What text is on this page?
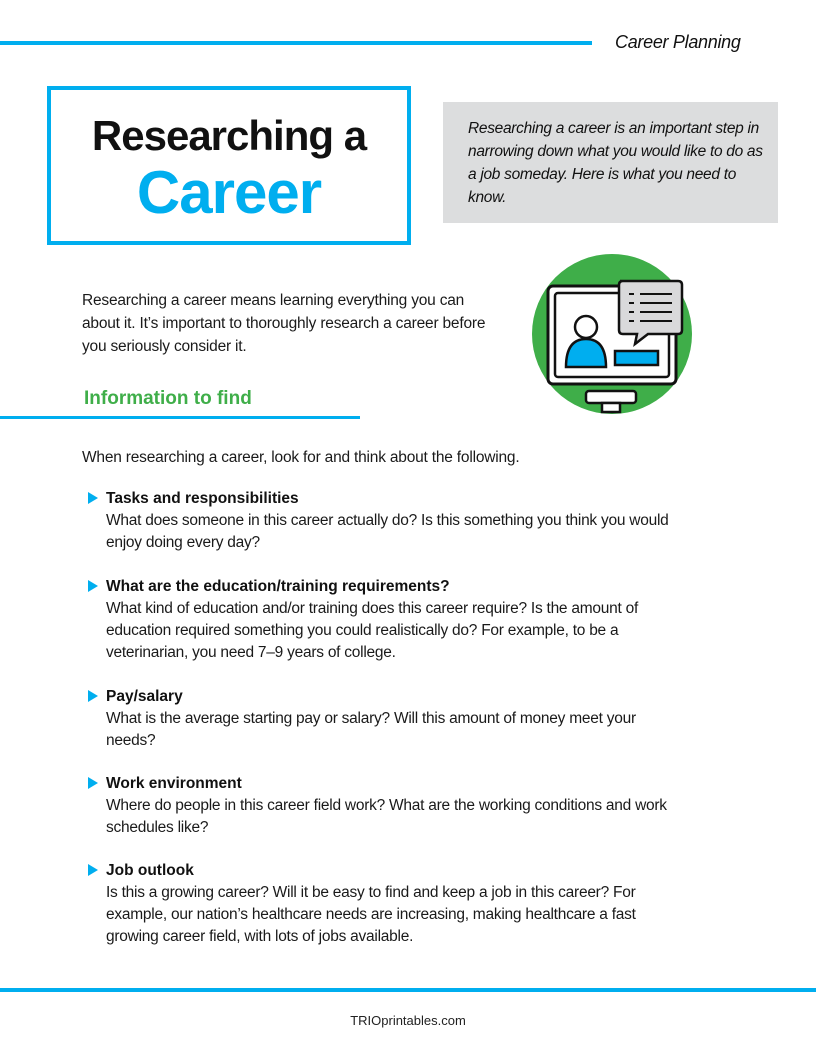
Career Planning
Researching a
Career

Researching a career is an important step in narrowing down what you would like to do as a job someday. Here is what you need to know.

Researching a career means learning everything you can about it. It’s important to thoroughly research a career before you seriously consider it.
Information to find
When researching a career, look for and think about the following.
Tasks and responsibilities

What does someone in this career actually do? Is this something you think you would enjoy doing every day?

What are the education/training requirements?

What kind of education and/or training does this career require? Is the amount of education required something you could realistically do? For example, to be a veterinarian, you need 7–9 years of college.

Pay/salary

What is the average starting pay or salary? Will this amount of money meet your needs?

Work environment

Where do people in this career field work? What are the working conditions and work schedules like?

Job outlook

Is this a growing career? Will it be easy to find and keep a job in this career? For example, our nation’s healthcare needs are increasing, making healthcare a fast growing career field, with lots of jobs available.

TRIOprintables.com
